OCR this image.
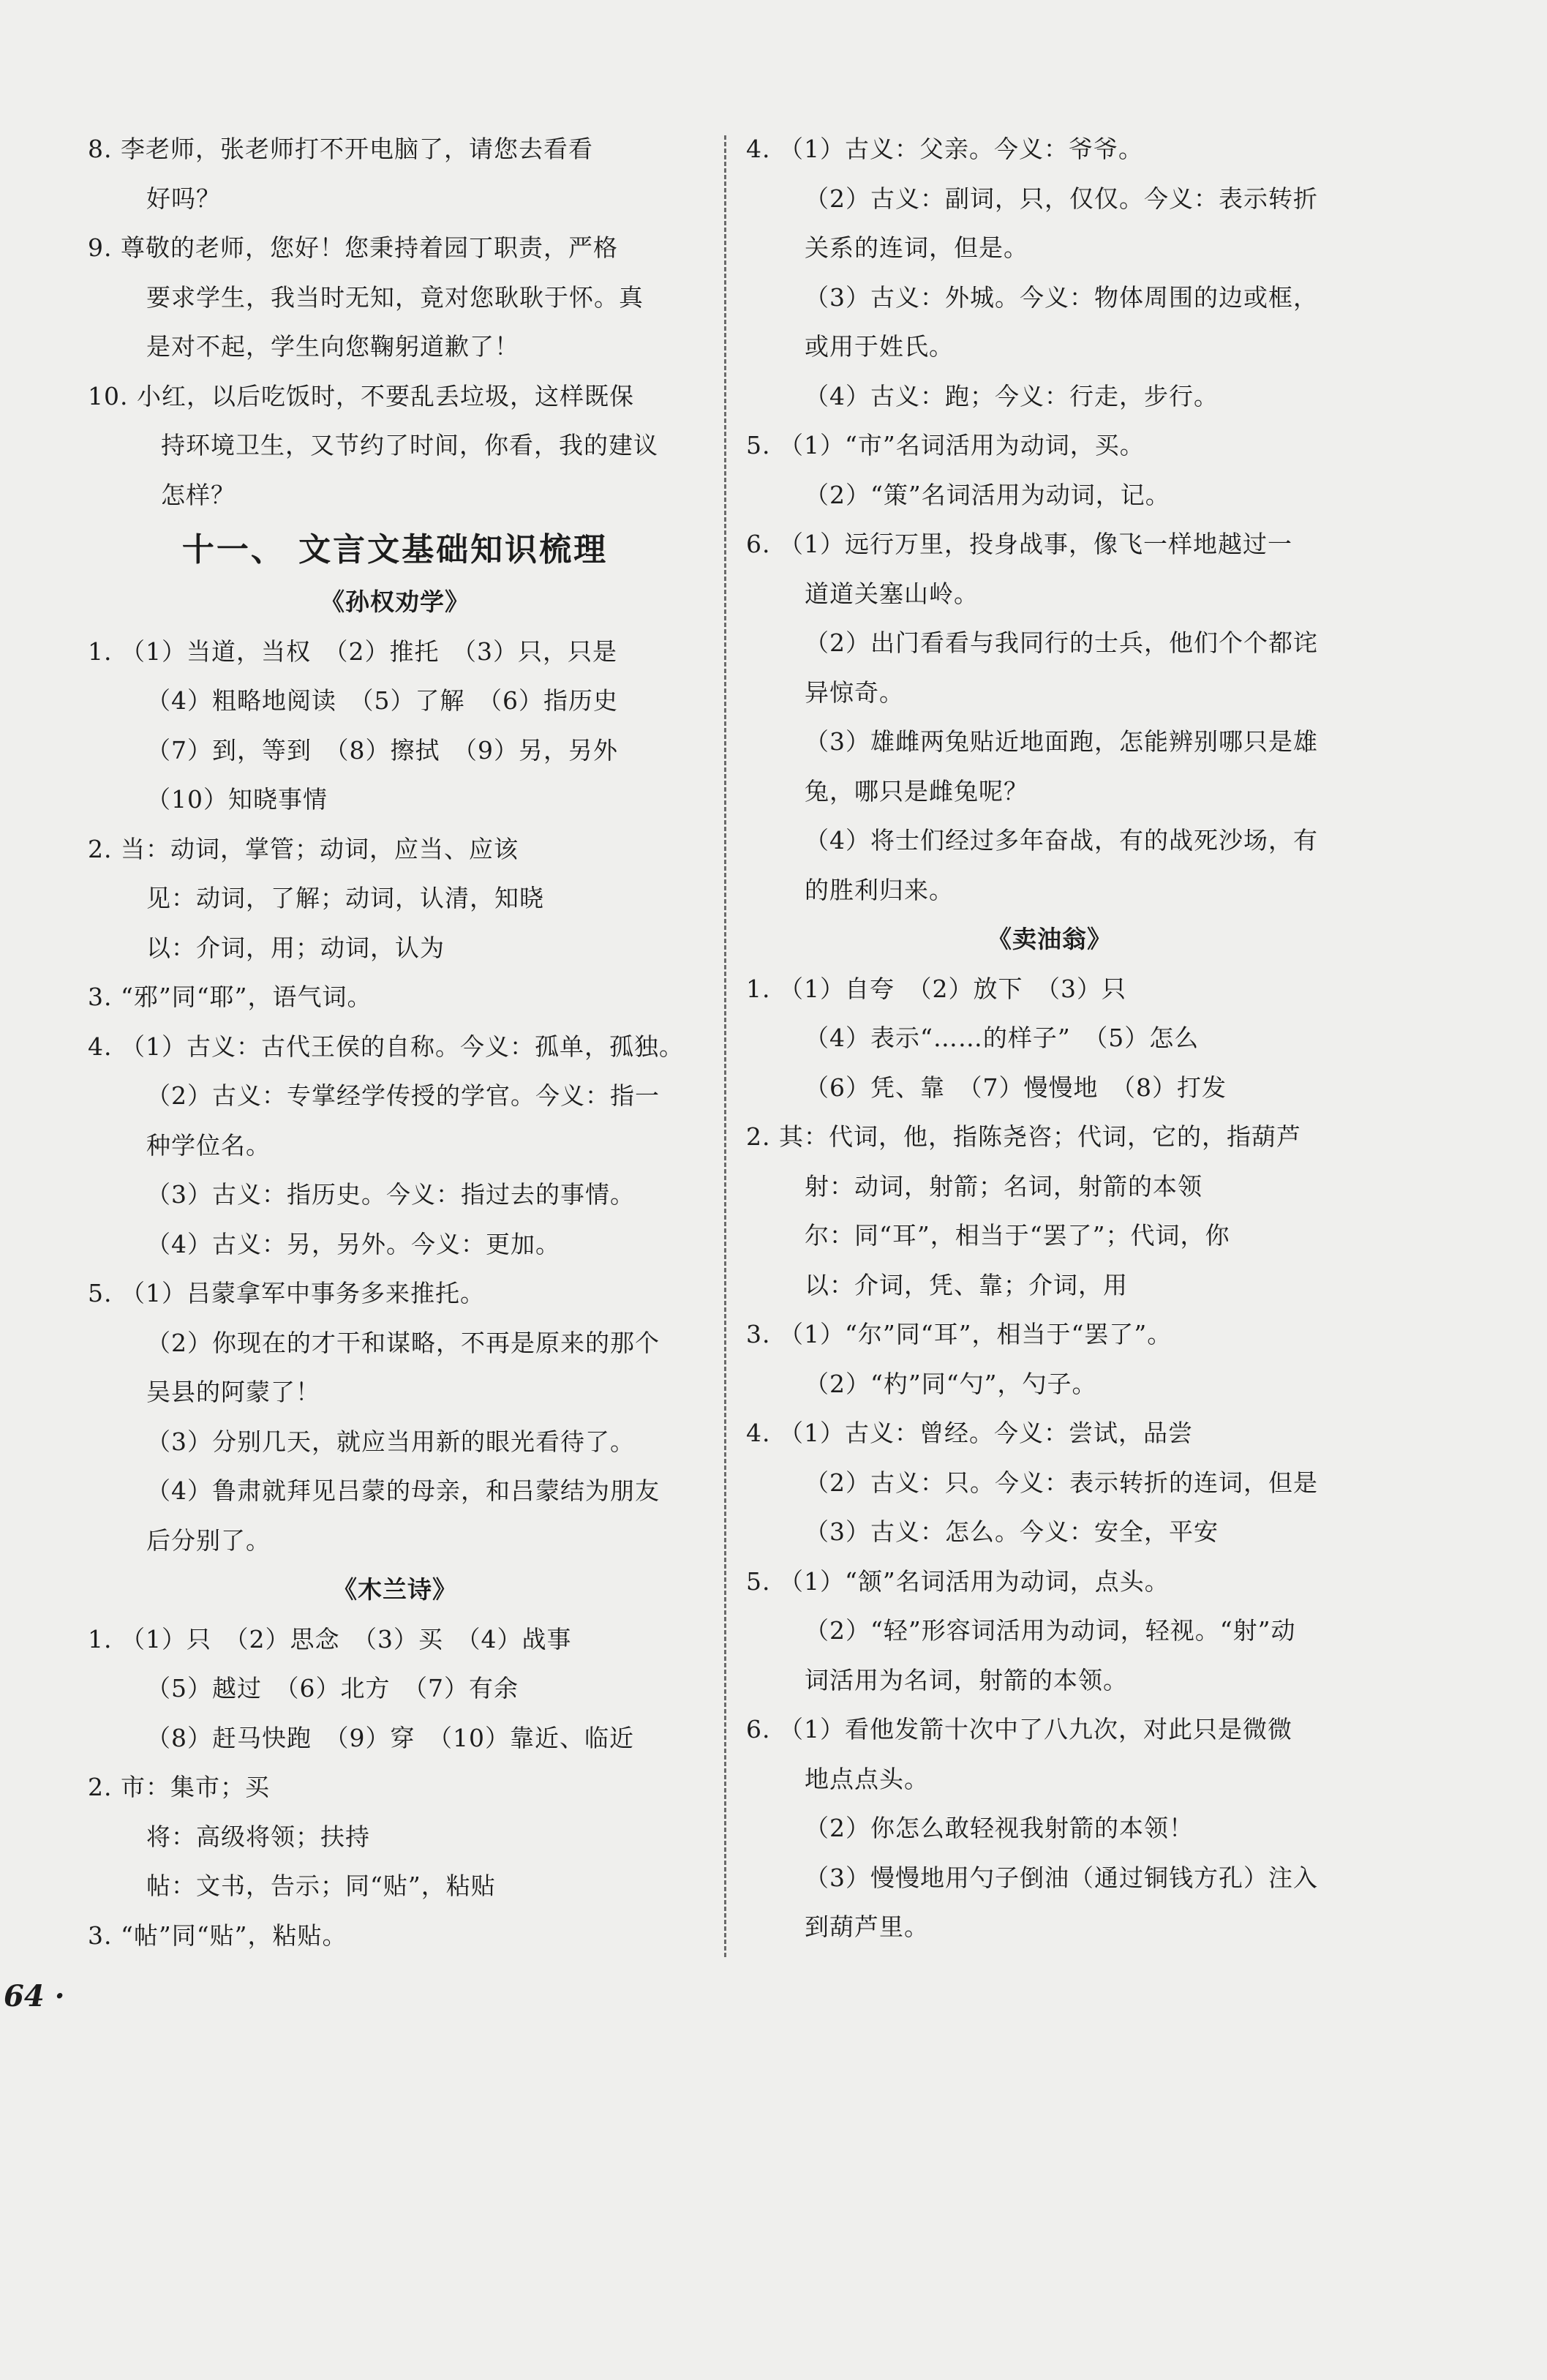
8. 李老师，张老师打不开电脑了，请您去看看
好吗？
9. 尊敬的老师，您好！您秉持着园丁职责，严格
要求学生，我当时无知，竟对您耿耿于怀。真
是对不起，学生向您鞠躬道歉了！
10. 小红，以后吃饭时，不要乱丢垃圾，这样既保
持环境卫生，又节约了时间，你看，我的建议
怎样？
十一、 文言文基础知识梳理
《孙权劝学》
1. （1）当道，当权　（2）推托　（3）只，只是
（4）粗略地阅读　（5）了解　（6）指历史
（7）到，等到　（8）擦拭　（9）另，另外
（10）知晓事情
2. 当：动词，掌管；动词，应当、应该
见：动词，了解；动词，认清，知晓
以：介词，用；动词，认为
3. “邪”同“耶”，语气词。
4. （1）古义：古代王侯的自称。今义：孤单，孤独。
（2）古义：专掌经学传授的学官。今义：指一
种学位名。
（3）古义：指历史。今义：指过去的事情。
（4）古义：另，另外。今义：更加。
5. （1）吕蒙拿军中事务多来推托。
（2）你现在的才干和谋略，不再是原来的那个
吴县的阿蒙了！
（3）分别几天，就应当用新的眼光看待了。
（4）鲁肃就拜见吕蒙的母亲，和吕蒙结为朋友
后分别了。
《木兰诗》
1. （1）只　（2）思念　（3）买　（4）战事
（5）越过　（6）北方　（7）有余
（8）赶马快跑　（9）穿　（10）靠近、临近
2. 市：集市；买
将：高级将领；扶持
帖：文书，告示；同“贴”，粘贴
3. “帖”同“贴”，粘贴。
4. （1）古义：父亲。今义：爷爷。
（2）古义：副词，只，仅仅。今义：表示转折
关系的连词，但是。
（3）古义：外城。今义：物体周围的边或框，
或用于姓氏。
（4）古义：跑；今义：行走，步行。
5. （1）“市”名词活用为动词，买。
（2）“策”名词活用为动词，记。
6. （1）远行万里，投身战事，像飞一样地越过一
道道关塞山岭。
（2）出门看看与我同行的士兵，他们个个都诧
异惊奇。
（3）雄雌两兔贴近地面跑，怎能辨别哪只是雄
兔，哪只是雌兔呢？
（4）将士们经过多年奋战，有的战死沙场，有
的胜利归来。
《卖油翁》
1. （1）自夸　（2）放下　（3）只
（4）表示“……的样子”　（5）怎么
（6）凭、靠　（7）慢慢地　（8）打发
2. 其：代词，他，指陈尧咨；代词，它的，指葫芦
射：动词，射箭；名词，射箭的本领
尔：同“耳”，相当于“罢了”；代词，你
以：介词，凭、靠；介词，用
3. （1）“尔”同“耳”，相当于“罢了”。
（2）“杓”同“勺”，勺子。
4. （1）古义：曾经。今义：尝试，品尝
（2）古义：只。今义：表示转折的连词，但是
（3）古义：怎么。今义：安全，平安
5. （1）“颔”名词活用为动词，点头。
（2）“轻”形容词活用为动词，轻视。“射”动
词活用为名词，射箭的本领。
6. （1）看他发箭十次中了八九次，对此只是微微
地点点头。
（2）你怎么敢轻视我射箭的本领！
（3）慢慢地用勺子倒油（通过铜钱方孔）注入
到葫芦里。
64 ·
